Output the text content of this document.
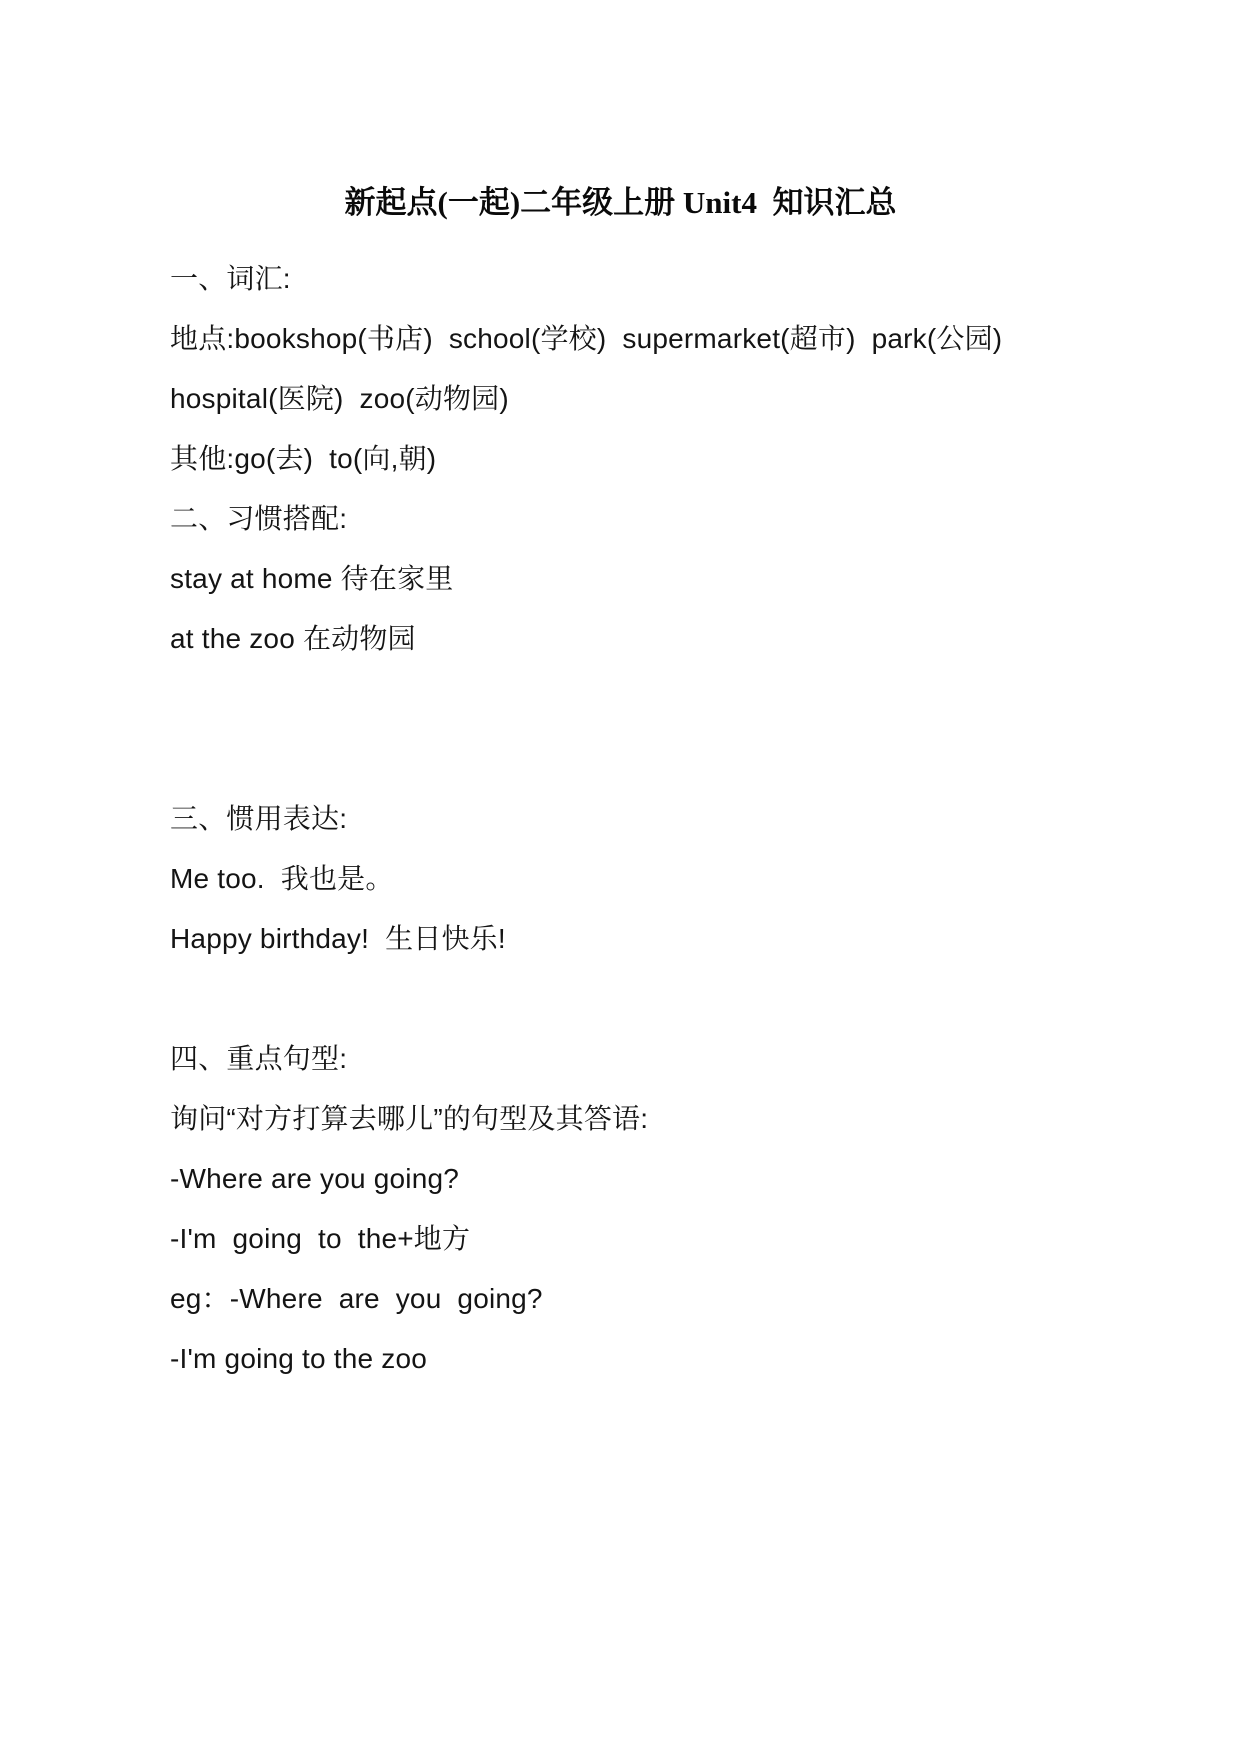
新起点(一起)二年级上册 Unit4  知识汇总

一、词汇:

地点:bookshop(书店)  school(学校)  supermarket(超市)  park(公园)

hospital(医院)  zoo(动物园)

其他:go(去)  to(向,朝)

二、习惯搭配:

stay at home 待在家里

at the zoo 在动物园

三、惯用表达:

Me too.  我也是。

Happy birthday!  生日快乐!

四、重点句型:

询问“对方打算去哪儿”的句型及其答语:

-Where are you going?

-I'm  going  to  the+地方

eg：-Where  are  you  going?

-I'm going to the zoo
